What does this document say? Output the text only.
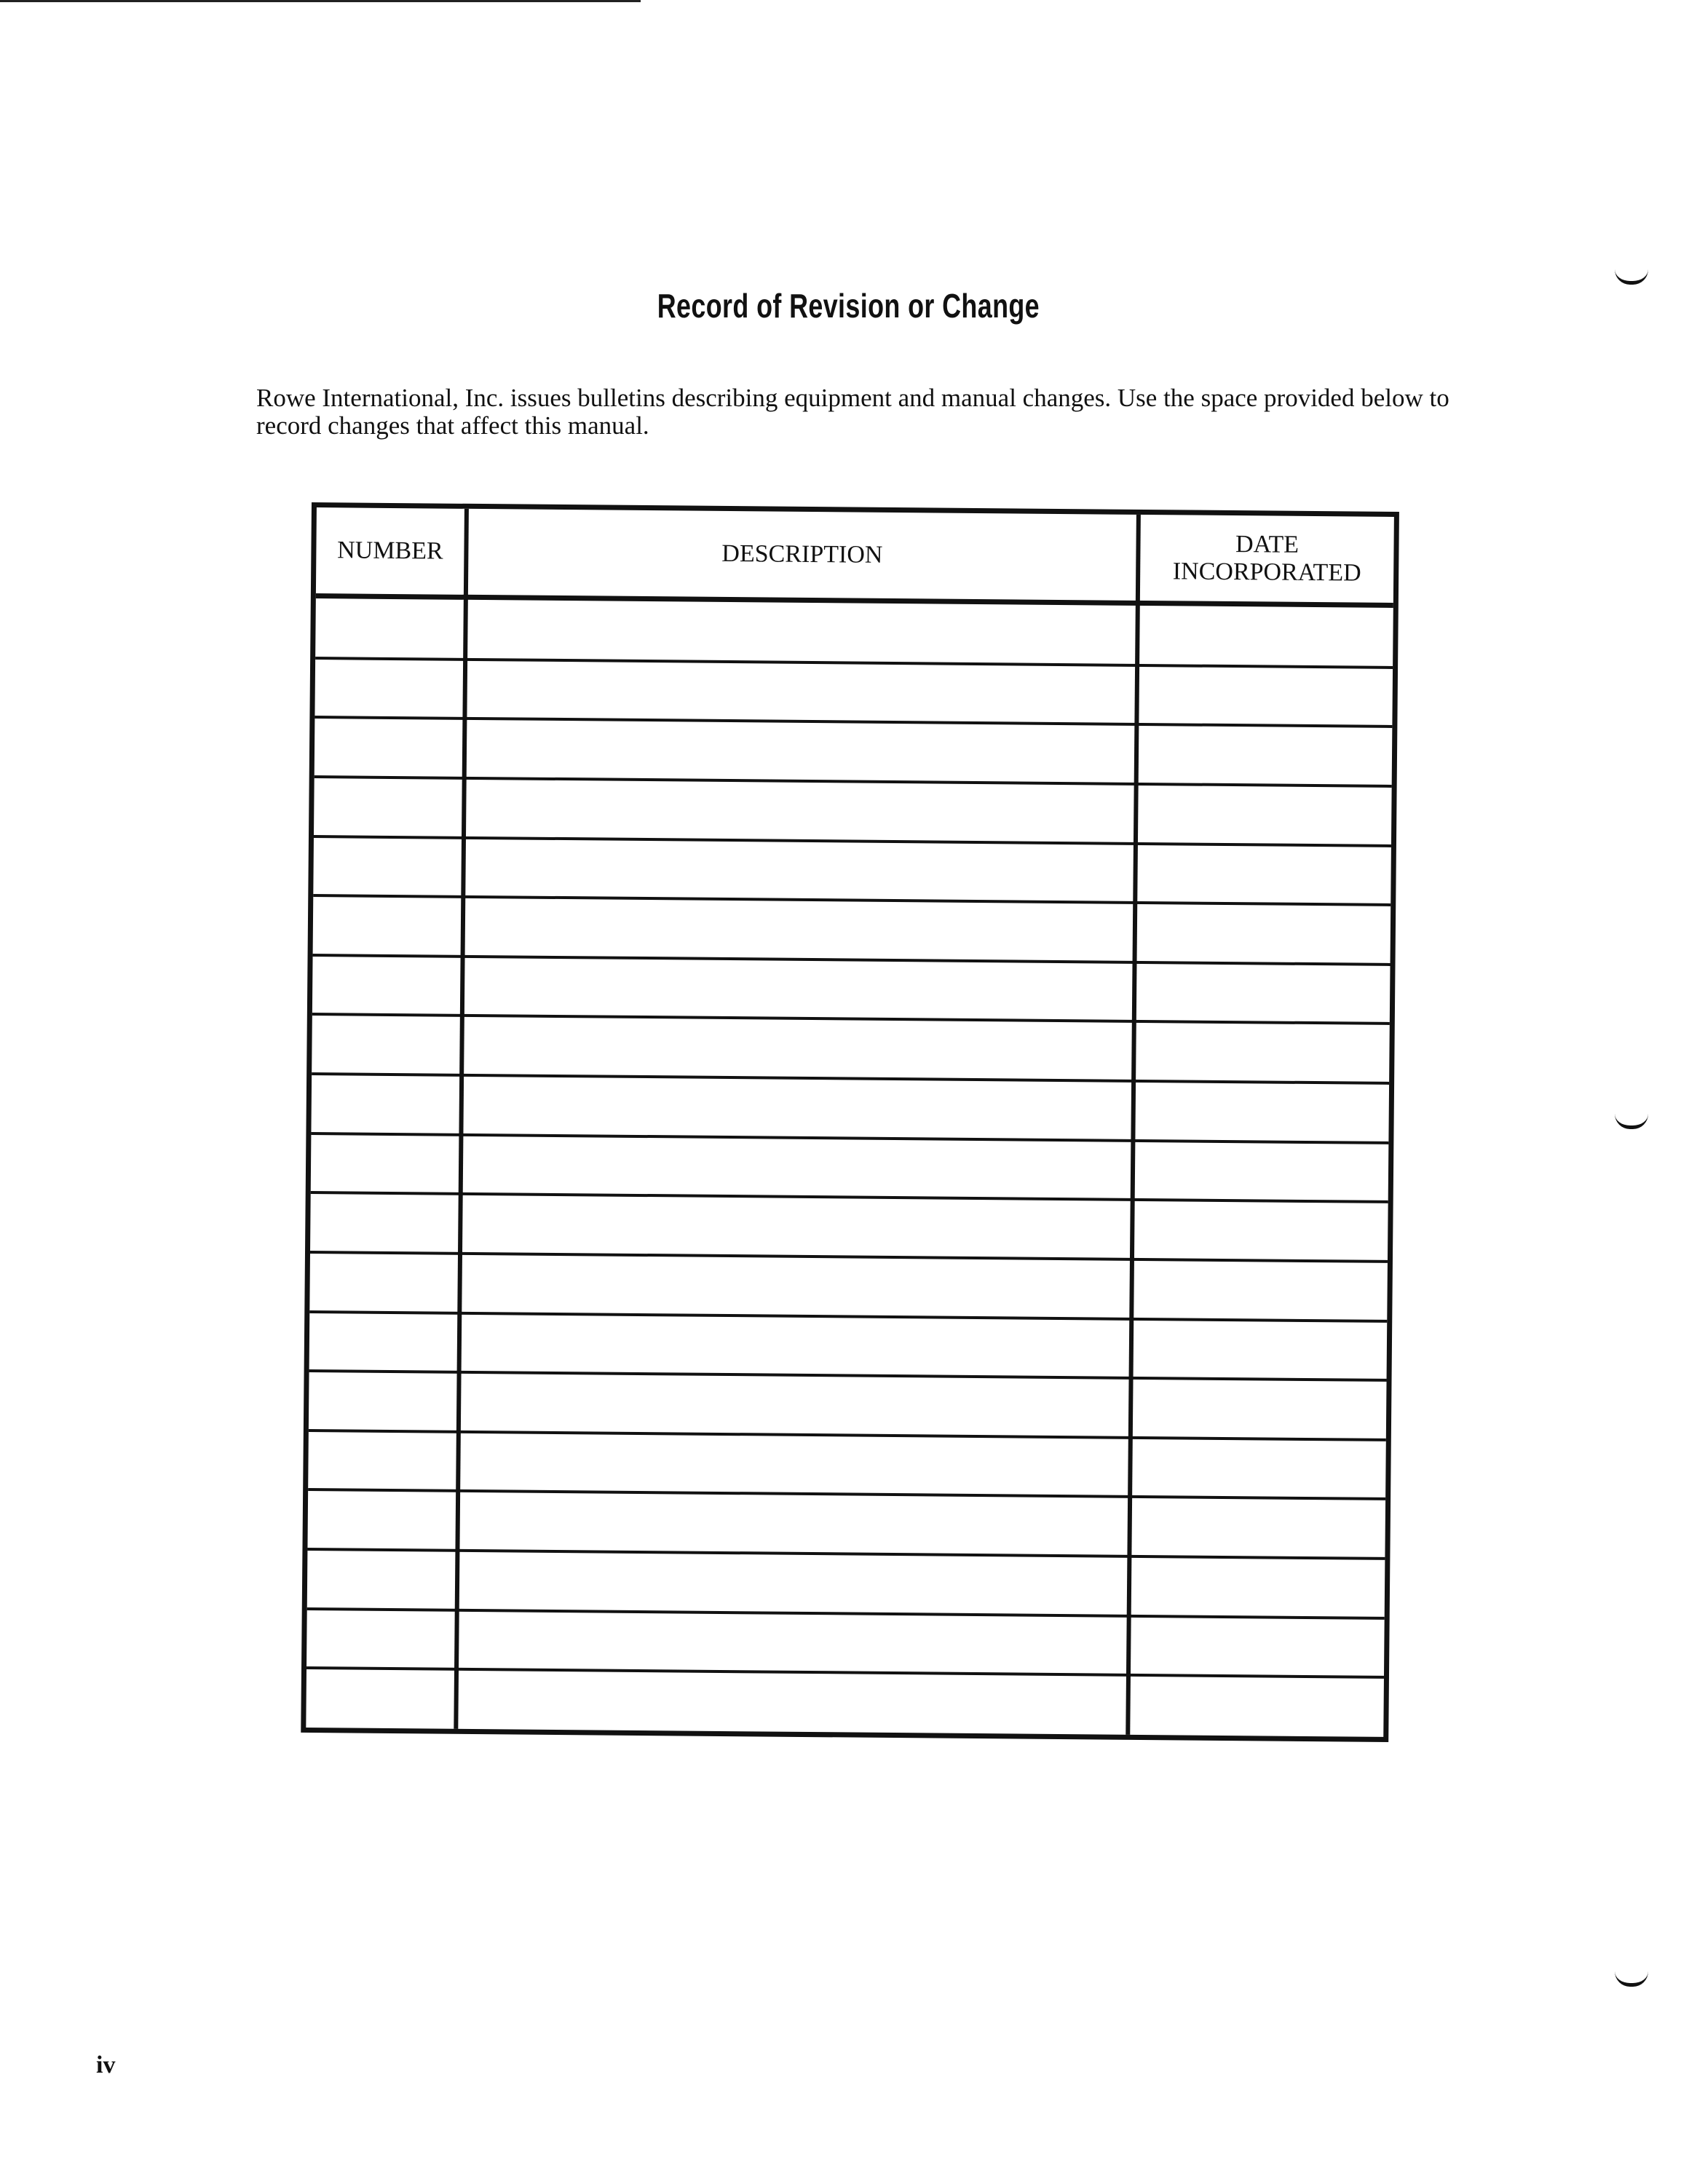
Record of Revision or Change

Rowe International, Inc. issues bulletins describing equipment and manual changes. Use the space provided below to record changes that affect this manual.

NUMBER	DESCRIPTION	DATE
INCORPORATED
iv
